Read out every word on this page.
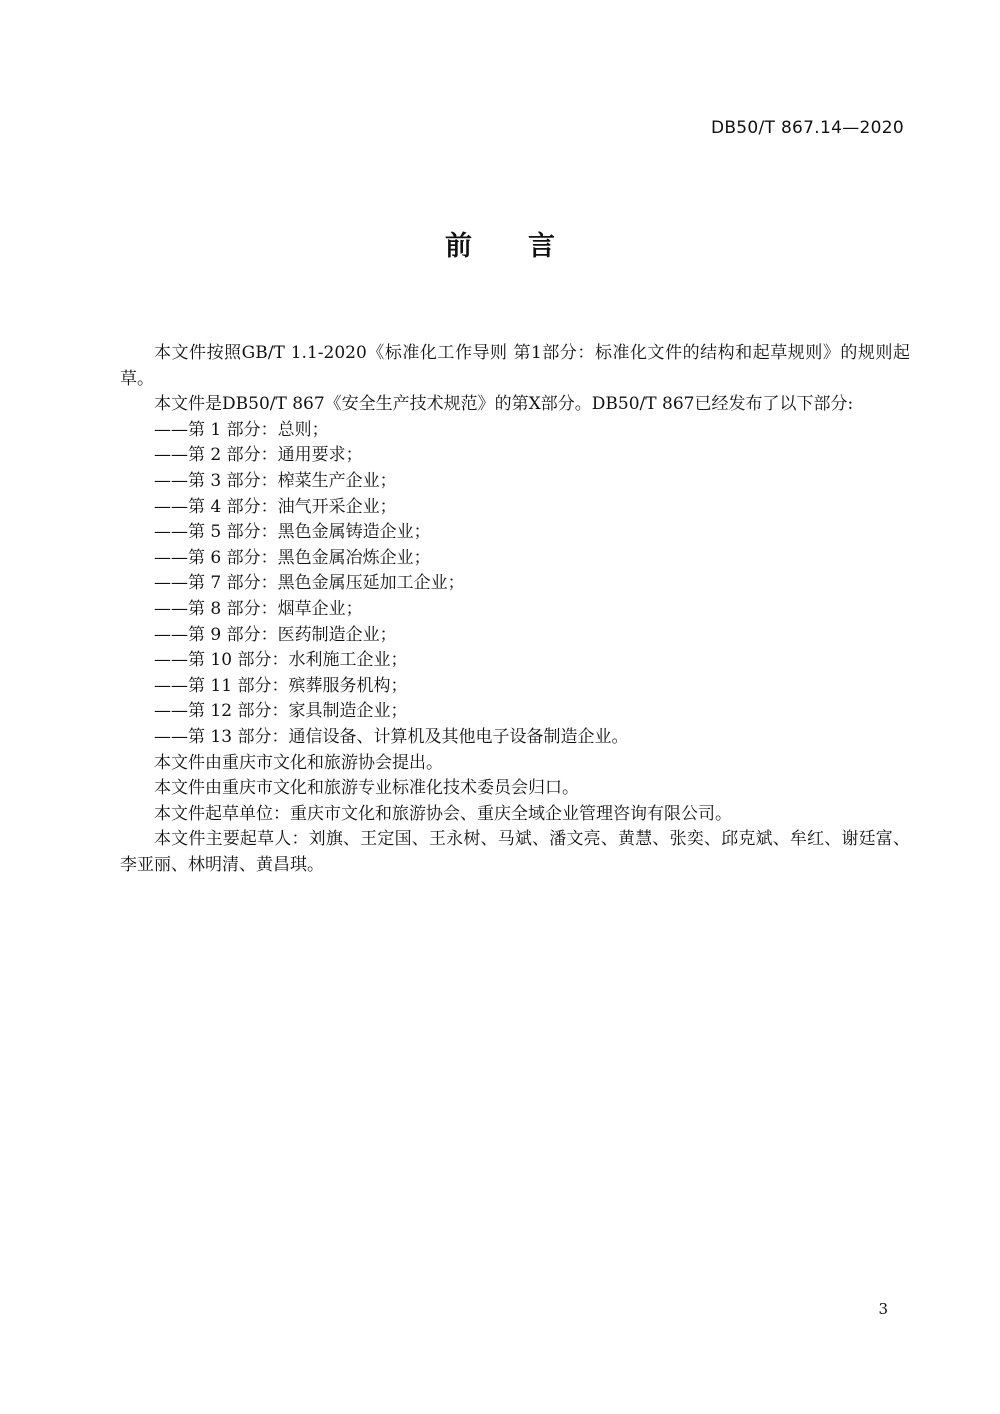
DB50/T 867.14—2020
前 言

本文件按照GB/T 1.1-2020《标准化工作导则 第1部分：标准化文件的结构和起草规则》的规则起草。

本文件是DB50/T 867《安全生产技术规范》的第X部分。DB50/T 867已经发布了以下部分:

——第 1 部分：总则；
——第 2 部分：通用要求；
——第 3 部分：榨菜生产企业；
——第 4 部分：油气开采企业；
——第 5 部分：黑色金属铸造企业；
——第 6 部分：黑色金属冶炼企业；
——第 7 部分：黑色金属压延加工企业；
——第 8 部分：烟草企业；
——第 9 部分：医药制造企业；
——第 10 部分：水利施工企业；
——第 11 部分：殡葬服务机构；
——第 12 部分：家具制造企业；
——第 13 部分：通信设备、计算机及其他电子设备制造企业。

本文件由重庆市文化和旅游协会提出。

本文件由重庆市文化和旅游专业标准化技术委员会归口。

本文件起草单位：重庆市文化和旅游协会、重庆全域企业管理咨询有限公司。

本文件主要起草人：刘旗、王定国、王永树、马斌、潘文亮、黄慧、张奕、邱克斌、牟红、谢廷富、李亚丽、林明清、黄昌琪。

3
